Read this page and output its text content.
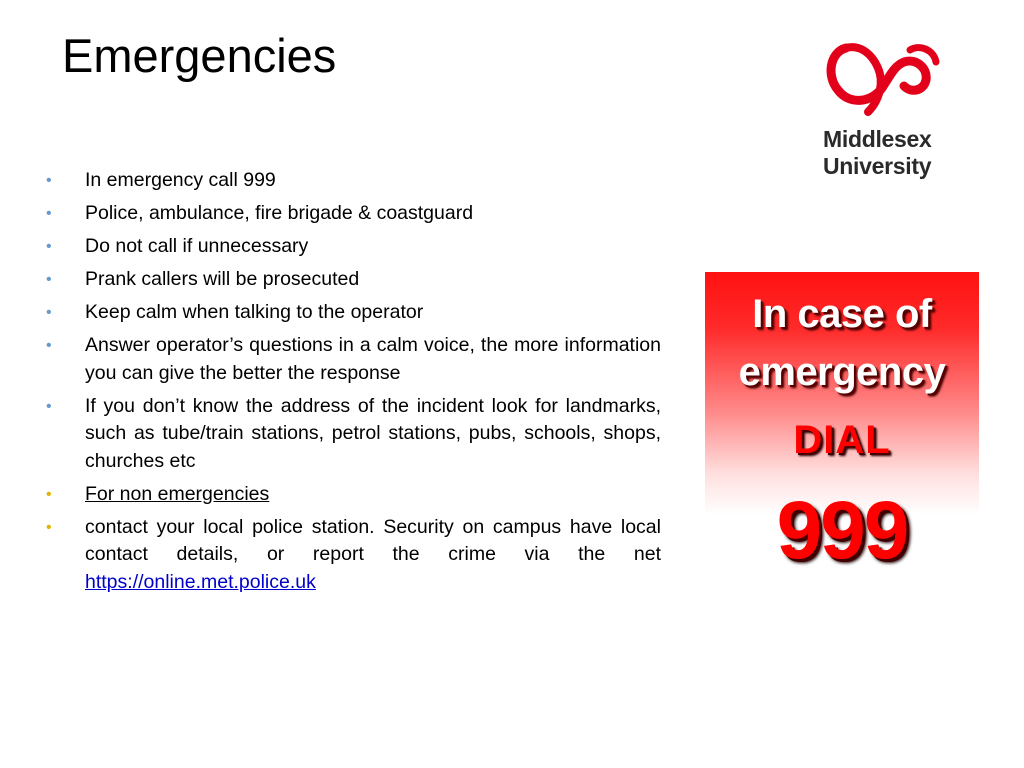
Emergencies
Middlesex
University
• In emergency call 999
• Police, ambulance, fire brigade & coastguard
• Do not call if unnecessary
• Prank callers will be prosecuted
• Keep calm when talking to the operator
• Answer operator’s questions in a calm voice, the more information you can give the better the response
• If you don’t know the address of the incident look for landmarks, such as tube/train stations, petrol stations, pubs, schools, shops, churches etc
• For non emergencies
• contact your local police station. Security on campus have local contact details, or report the crime via the net https://online.met.police.uk
In case of
emergency
DIAL
999
